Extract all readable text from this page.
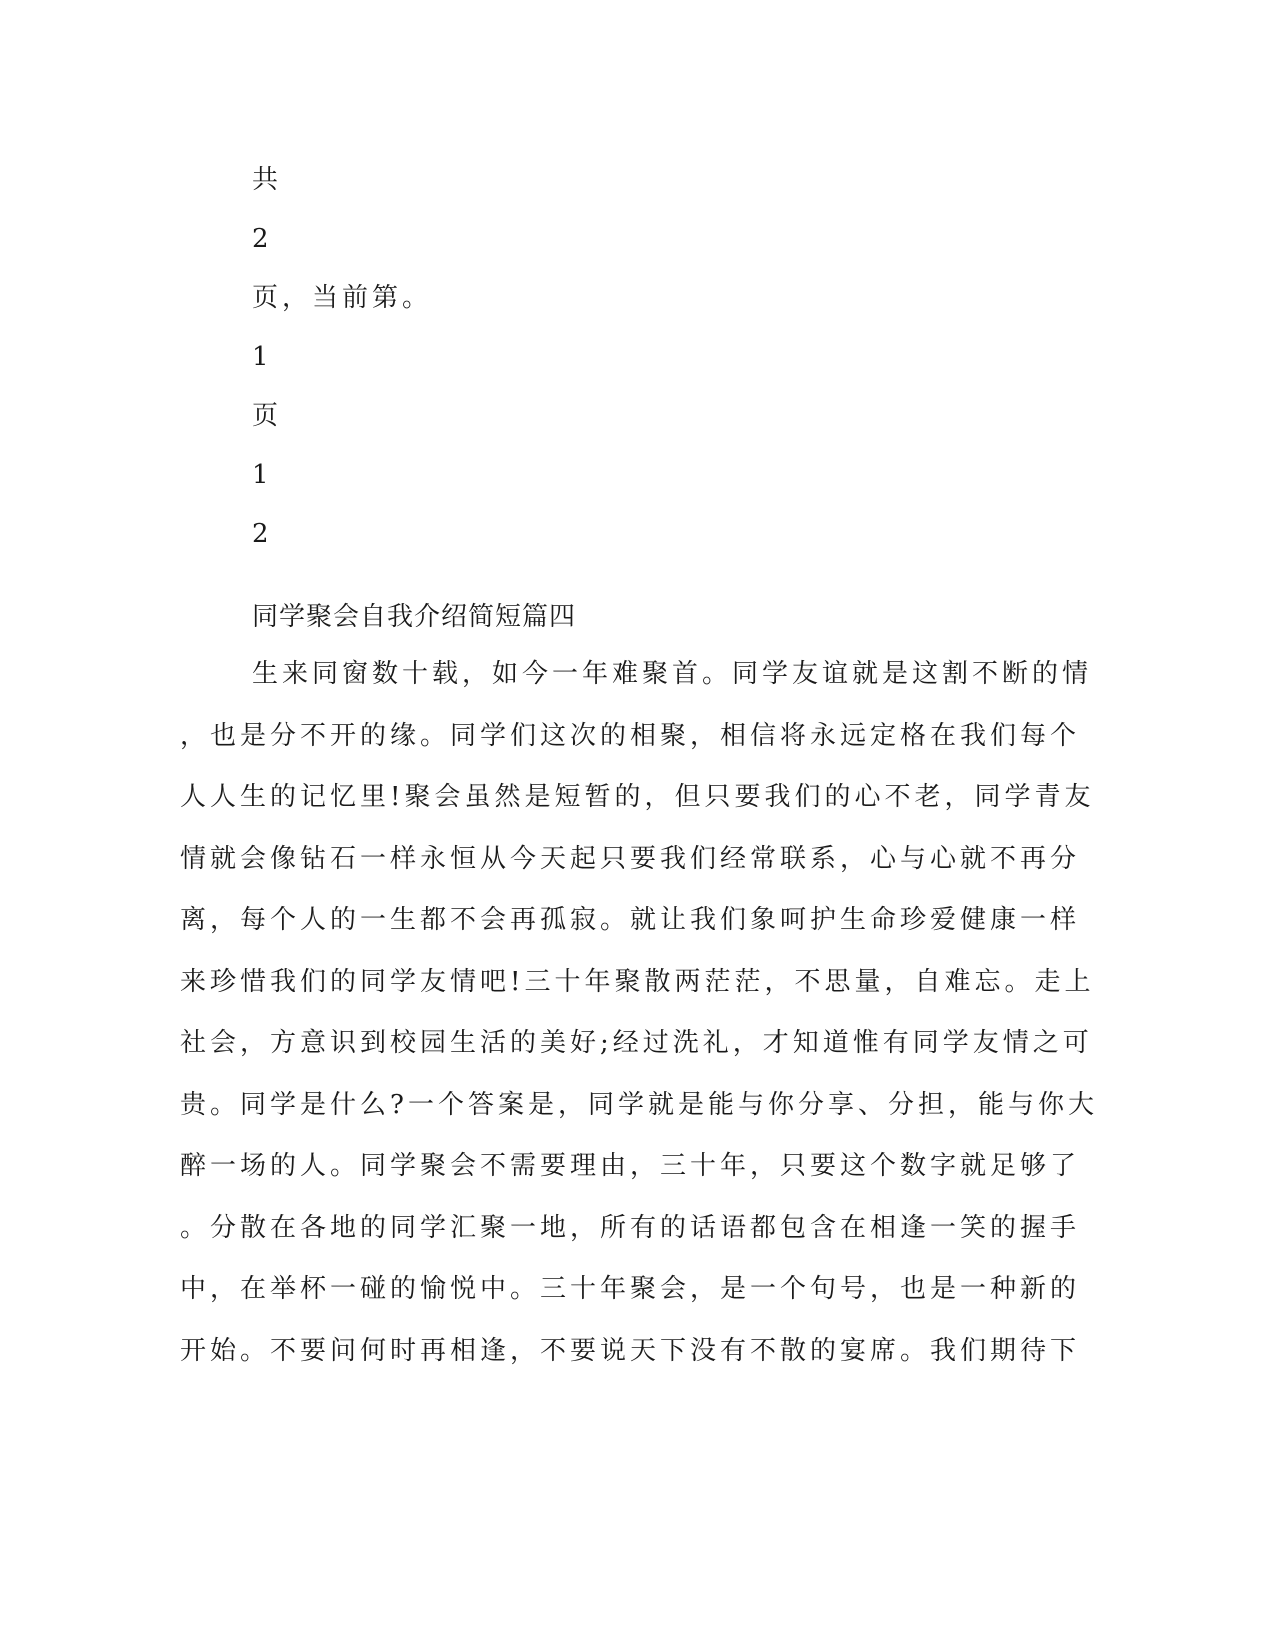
共
2
页，当前第。
1
页
1
2
同学聚会自我介绍简短篇四
生来同窗数十载，如今一年难聚首。同学友谊就是这割不断的情
，也是分不开的缘。同学们这次的相聚，相信将永远定格在我们每个
人人生的记忆里!聚会虽然是短暂的，但只要我们的心不老，同学青友
情就会像钻石一样永恒从今天起只要我们经常联系，心与心就不再分
离，每个人的一生都不会再孤寂。就让我们象呵护生命珍爱健康一样
来珍惜我们的同学友情吧!三十年聚散两茫茫，不思量，自难忘。走上
社会，方意识到校园生活的美好;经过洗礼，才知道惟有同学友情之可
贵。同学是什么?一个答案是，同学就是能与你分享、分担，能与你大
醉一场的人。同学聚会不需要理由，三十年，只要这个数字就足够了
。分散在各地的同学汇聚一地，所有的话语都包含在相逢一笑的握手
中，在举杯一碰的愉悦中。三十年聚会，是一个句号，也是一种新的
开始。不要问何时再相逢，不要说天下没有不散的宴席。我们期待下
